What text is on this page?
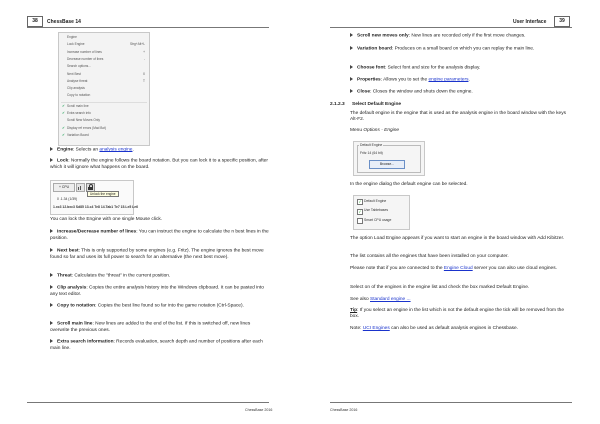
38	ChessBase 14
Engine
Lock Engine	Strg+Alt+L
Increase number of lines	+
Decrease number of lines	-
Search options...
Next Best	X
Analyse threat	T
Clip analysis
Copy to notation
Scroll main line
✔
Extra search info
✔
Scroll New Moves Only
Display ref errors (Mad Bot)
✔
Variation Board
✔
Engine: Selects an analysis engine.
Lock: Normally the engine follows the board notation. But you can lock it to a specific position, after which it will ignore what happens on the board.
+ CPU
Unlock the engine
0 .1.34 (1/39)
1.xc3 12.bxc3 Sd85 13.c4 Te8 14.Tab1 Te7 15.Le5 Le6
You can lock the Engine with one single Mouse click.
Increase/Decrease number of lines: You can instruct the engine to calculate the n best lines in the position.
Next best: This is only supported by some engines (e.g. Fritz). The engine ignores the best move found so far and uses its full power to search for an alternative (the next best move).
Threat: Calculates the "threat" in the current position.
Clip analysis: Copies the entire analysis history into the Windows clipboard. It can be pasted into any text editor.
Copy to notation: Copies the best line found so far into the game notation (Ctrl-Space).
Scroll main line: New lines are added to the end of the list. If this is switched off, new lines overwrite the previous ones.
Extra search information: Records evaluation, search depth and number of positions after each main line.
ChessBase 2016
User Interface	39
Scroll new moves only: New lines are recorded only if the first move changes.
Variation board: Produces on a small board on which you can replay the main line.
Choose font: Select font and size for the analysis display.
Properties: Allows you to set the engine parameters.
Close: Closes the window and shuts down the engine.
2.1.2.3 Select Default Engine
The default engine is the engine that is used as the analysis engine in the board window with the keys Alt-F2.
Menu Options - Engine
Default Engine
Fritz 14 (64 bit)
Browse...
In the engine dialog the default engine can be selected.
✓ Default Engine
✓ Use Tablebases
Smart CPU usage
The option Load Engine appears if you want to start an engine in the board window with Add Kibitzer.
The list contains all the engines that have been installed on your computer.
Please note that if you are connected to the Engine Cloud server you can also use cloud engines.
Select on of the engines in the engine list and check the box marked Default Engine.
See also Standard engine ...
Tip: If you select an engine in the list which is not the default engine the tick will be removed from the box.
Note: UCI Engines can also be used as default analysis engines in Chessbase.
ChessBase 2016
